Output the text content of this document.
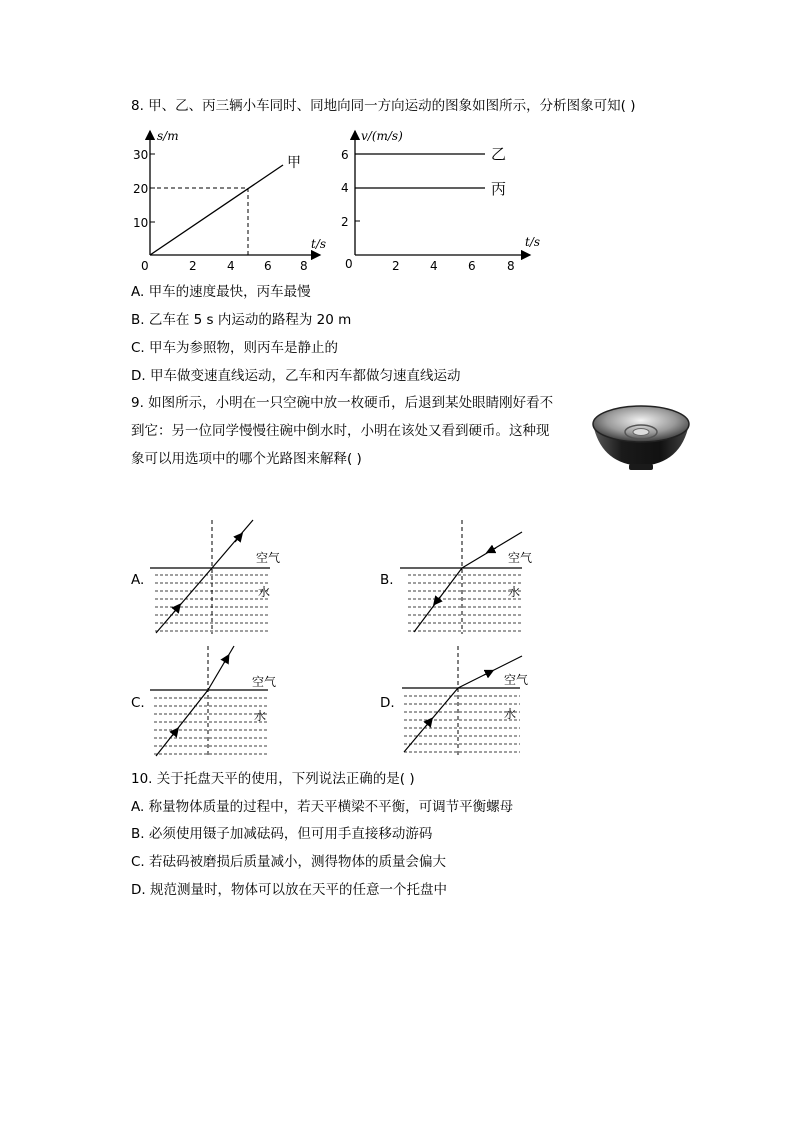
8. 甲、乙、丙三辆小车同时、同地向同一方向运动的图象如图所示，分析图象可知( )
s/m
t/s
0
30
20
10
2	4 6 8
甲
v/(m/s)
t/s
0
6
4
2
2	4	6	8
乙
丙
A. 甲车的速度最快，丙车最慢
B. 乙车在 5 s 内运动的路程为 20 m
C. 甲车为参照物，则丙车是静止的
D. 甲车做变速直线运动，乙车和丙车都做匀速直线运动
9. 如图所示，小明在一只空碗中放一枚硬币，后退到某处眼睛刚好看不
到它：另一位同学慢慢往碗中倒水时，小明在该处又看到硬币。这种现
象可以用选项中的哪个光路图来解释( )
A.	B.
C.	D.
空气
水
空气
水
空气
水
空气
水
10. 关于托盘天平的使用，下列说法正确的是( )
A. 称量物体质量的过程中，若天平横梁不平衡，可调节平衡螺母
B. 必须使用镊子加减砝码，但可用手直接移动游码
C. 若砝码被磨损后质量减小，测得物体的质量会偏大
D. 规范测量时，物体可以放在天平的任意一个托盘中
